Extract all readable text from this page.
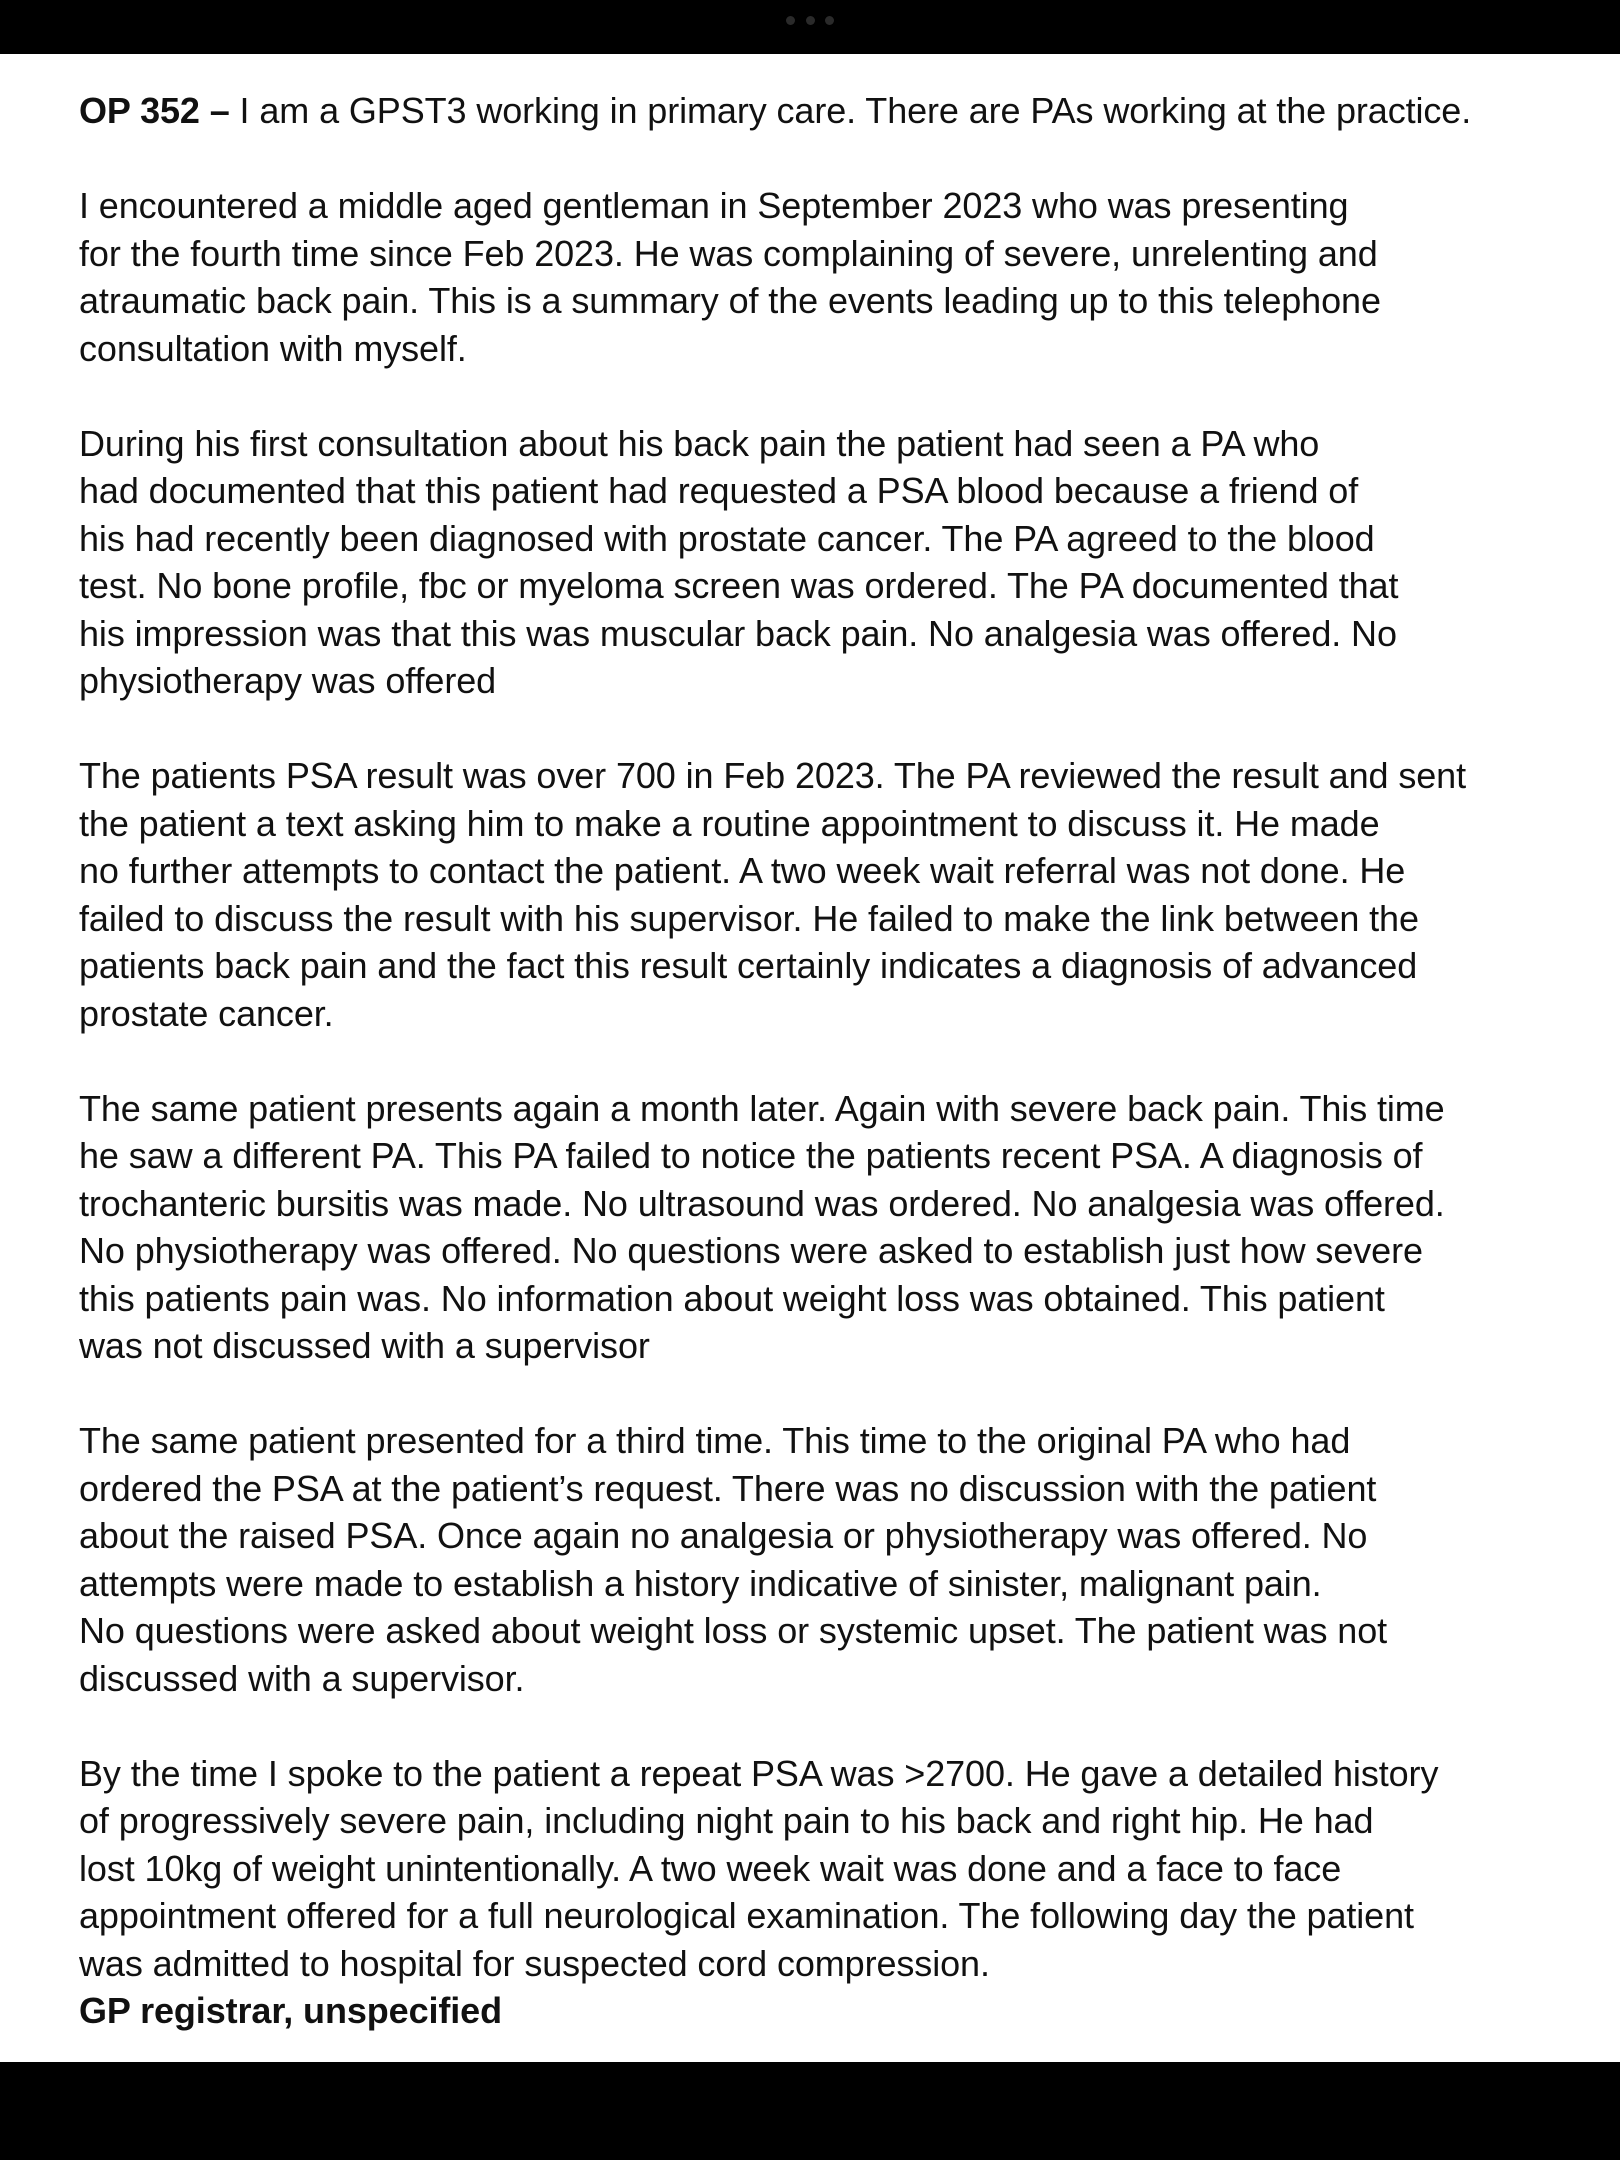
OP 352 – I am a GPST3 working in primary care. There are PAs working at the practice.

I encountered a middle aged gentleman in September 2023 who was presenting
for the fourth time since Feb 2023. He was complaining of severe, unrelenting and
atraumatic back pain. This is a summary of the events leading up to this telephone
consultation with myself.

During his first consultation about his back pain the patient had seen a PA who
had documented that this patient had requested a PSA blood because a friend of
his had recently been diagnosed with prostate cancer. The PA agreed to the blood
test. No bone profile, fbc or myeloma screen was ordered. The PA documented that
his impression was that this was muscular back pain. No analgesia was offered. No
physiotherapy was offered

The patients PSA result was over 700 in Feb 2023. The PA reviewed the result and sent
the patient a text asking him to make a routine appointment to discuss it. He made
no further attempts to contact the patient. A two week wait referral was not done. He
failed to discuss the result with his supervisor. He failed to make the link between the
patients back pain and the fact this result certainly indicates a diagnosis of advanced
prostate cancer.

The same patient presents again a month later. Again with severe back pain. This time
he saw a different PA. This PA failed to notice the patients recent PSA. A diagnosis of
trochanteric bursitis was made. No ultrasound was ordered. No analgesia was offered.
No physiotherapy was offered. No questions were asked to establish just how severe
this patients pain was. No information about weight loss was obtained. This patient
was not discussed with a supervisor

The same patient presented for a third time. This time to the original PA who had
ordered the PSA at the patient’s request. There was no discussion with the patient
about the raised PSA. Once again no analgesia or physiotherapy was offered. No
attempts were made to establish a history indicative of sinister, malignant pain.
No questions were asked about weight loss or systemic upset. The patient was not
discussed with a supervisor.

By the time I spoke to the patient a repeat PSA was >2700. He gave a detailed history
of progressively severe pain, including night pain to his back and right hip. He had
lost 10kg of weight unintentionally. A two week wait was done and a face to face
appointment offered for a full neurological examination. The following day the patient
was admitted to hospital for suspected cord compression.
GP registrar, unspecified
